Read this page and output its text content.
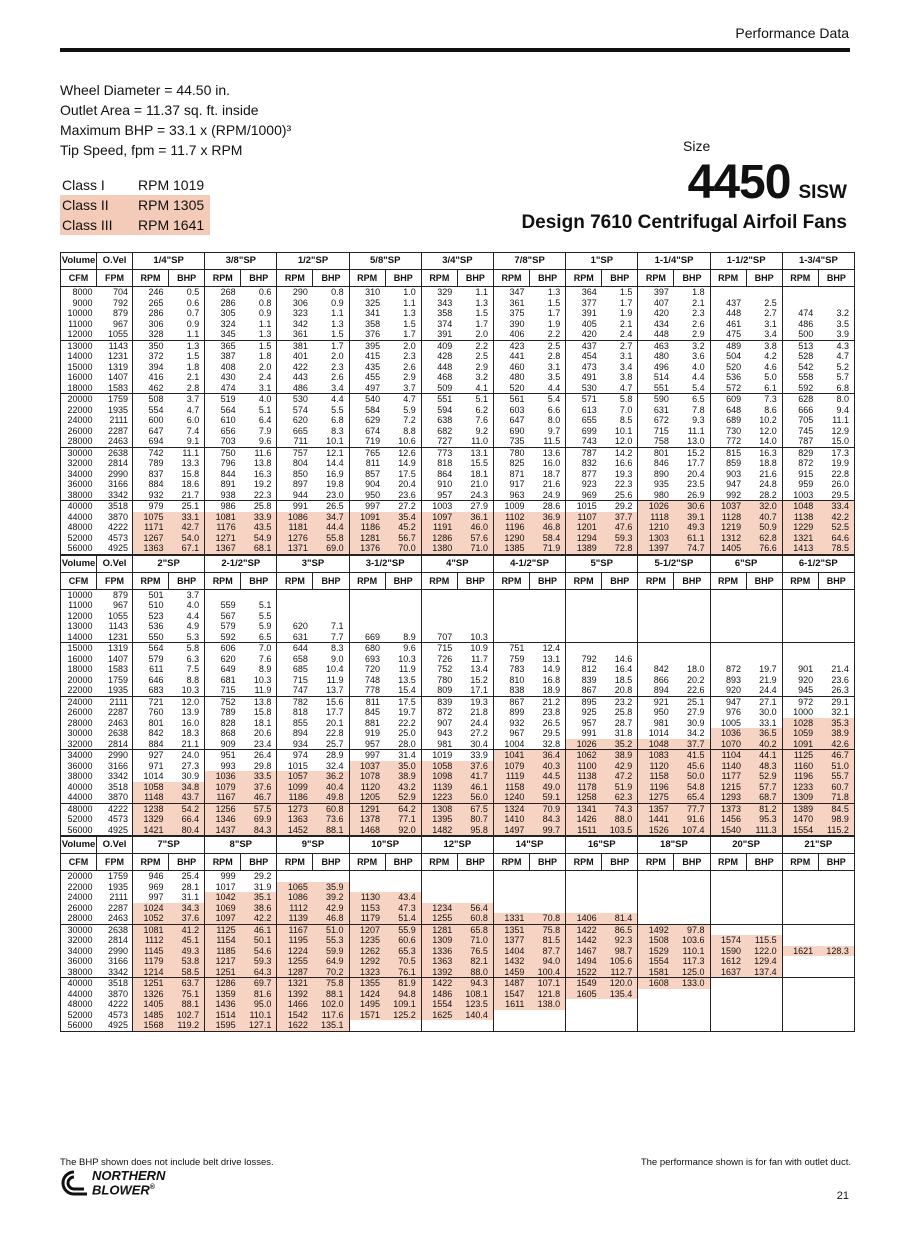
Performance Data
Wheel Diameter = 44.50 in.
Outlet Area = 11.37 sq. ft. inside
Maximum BHP = 33.1 x (RPM/1000)³
Tip Speed, fpm = 11.7 x RPM
Class I	RPM 1019
Class II	RPM 1305
Class III	RPM 1641
Size
4450 SISW
Design 7610 Centrifugal Airfoil Fans
Volume	O.Vel	1/4"SP		3/8"SP		1/2"SP		5/8"SP		3/4"SP		7/8"SP		1"SP		1-1/4"SP		1-1/2"SP		1-3/4"SP	
CFM	FPM	RPM	BHP	RPM	BHP	RPM	BHP	RPM	BHP	RPM	BHP	RPM	BHP	RPM	BHP	RPM	BHP	RPM	BHP	RPM	BHP
8000	704	246	0.5	268	0.6	290	0.8	310	1.0	329	1.1	347	1.3	364	1.5	397	1.8				
9000	792	265	0.6	286	0.8	306	0.9	325	1.1	343	1.3	361	1.5	377	1.7	407	2.1	437	2.5		
10000	879	286	0.7	305	0.9	323	1.1	341	1.3	358	1.5	375	1.7	391	1.9	420	2.3	448	2.7	474	3.2
11000	967	306	0.9	324	1.1	342	1.3	358	1.5	374	1.7	390	1.9	405	2.1	434	2.6	461	3.1	486	3.5
12000	1055	328	1.1	345	1.3	361	1.5	376	1.7	391	2.0	406	2.2	420	2.4	448	2.9	475	3.4	500	3.9
13000	1143	350	1.3	365	1.5	381	1.7	395	2.0	409	2.2	423	2.5	437	2.7	463	3.2	489	3.8	513	4.3
14000	1231	372	1.5	387	1.8	401	2.0	415	2.3	428	2.5	441	2.8	454	3.1	480	3.6	504	4.2	528	4.7
15000	1319	394	1.8	408	2.0	422	2.3	435	2.6	448	2.9	460	3.1	473	3.4	496	4.0	520	4.6	542	5.2
16000	1407	416	2.1	430	2.4	443	2.6	455	2.9	468	3.2	480	3.5	491	3.8	514	4.4	536	5.0	558	5.7
18000	1583	462	2.8	474	3.1	486	3.4	497	3.7	509	4.1	520	4.4	530	4.7	551	5.4	572	6.1	592	6.8
20000	1759	508	3.7	519	4.0	530	4.4	540	4.7	551	5.1	561	5.4	571	5.8	590	6.5	609	7.3	628	8.0
22000	1935	554	4.7	564	5.1	574	5.5	584	5.9	594	6.2	603	6.6	613	7.0	631	7.8	648	8.6	666	9.4
24000	2111	600	6.0	610	6.4	620	6.8	629	7.2	638	7.6	647	8.0	655	8.5	672	9.3	689	10.2	705	11.1
26000	2287	647	7.4	656	7.9	665	8.3	674	8.8	682	9.2	690	9.7	699	10.1	715	11.1	730	12.0	745	12.9
28000	2463	694	9.1	703	9.6	711	10.1	719	10.6	727	11.0	735	11.5	743	12.0	758	13.0	772	14.0	787	15.0
30000	2638	742	11.1	750	11.6	757	12.1	765	12.6	773	13.1	780	13.6	787	14.2	801	15.2	815	16.3	829	17.3
32000	2814	789	13.3	796	13.8	804	14.4	811	14.9	818	15.5	825	16.0	832	16.6	846	17.7	859	18.8	872	19.9
34000	2990	837	15.8	844	16.3	850	16.9	857	17.5	864	18.1	871	18.7	877	19.3	890	20.4	903	21.6	915	22.8
36000	3166	884	18.6	891	19.2	897	19.8	904	20.4	910	21.0	917	21.6	923	22.3	935	23.5	947	24.8	959	26.0
38000	3342	932	21.7	938	22.3	944	23.0	950	23.6	957	24.3	963	24.9	969	25.6	980	26.9	992	28.2	1003	29.5
40000	3518	979	25.1	986	25.8	991	26.5	997	27.2	1003	27.9	1009	28.6	1015	29.2	1026	30.6	1037	32.0	1048	33.4
44000	3870	1075	33.1	1081	33.9	1086	34.7	1091	35.4	1097	36.1	1102	36.9	1107	37.7	1118	39.1	1128	40.7	1138	42.2
48000	4222	1171	42.7	1176	43.5	1181	44.4	1186	45.2	1191	46.0	1196	46.8	1201	47.6	1210	49.3	1219	50.9	1229	52.5
52000	4573	1267	54.0	1271	54.9	1276	55.8	1281	56.7	1286	57.6	1290	58.4	1294	59.3	1303	61.1	1312	62.8	1321	64.6
56000	4925	1363	67.1	1367	68.1	1371	69.0	1376	70.0	1380	71.0	1385	71.9	1389	72.8	1397	74.7	1405	76.6	1413	78.5
Volume	O.Vel	2"SP		2-1/2"SP		3"SP		3-1/2"SP		4"SP		4-1/2"SP		5"SP		5-1/2"SP		6"SP		6-1/2"SP	
CFM	FPM	RPM	BHP	RPM	BHP	RPM	BHP	RPM	BHP	RPM	BHP	RPM	BHP	RPM	BHP	RPM	BHP	RPM	BHP	RPM	BHP
10000	879	501	3.7																		
11000	967	510	4.0	559	5.1																
12000	1055	523	4.4	567	5.5																
13000	1143	536	4.9	579	5.9	620	7.1														
14000	1231	550	5.3	592	6.5	631	7.7	669	8.9	707	10.3										
15000	1319	564	5.8	606	7.0	644	8.3	680	9.6	715	10.9	751	12.4								
16000	1407	579	6.3	620	7.6	658	9.0	693	10.3	726	11.7	759	13.1	792	14.6						
18000	1583	611	7.5	649	8.9	685	10.4	720	11.9	752	13.4	783	14.9	812	16.4	842	18.0	872	19.7	901	21.4
20000	1759	646	8.8	681	10.3	715	11.9	748	13.5	780	15.2	810	16.8	839	18.5	866	20.2	893	21.9	920	23.6
22000	1935	683	10.3	715	11.9	747	13.7	778	15.4	809	17.1	838	18.9	867	20.8	894	22.6	920	24.4	945	26.3
24000	2111	721	12.0	752	13.8	782	15.6	811	17.5	839	19.3	867	21.2	895	23.2	921	25.1	947	27.1	972	29.1
26000	2287	760	13.9	789	15.8	818	17.7	845	19.7	872	21.8	899	23.8	925	25.8	950	27.9	976	30.0	1000	32.1
28000	2463	801	16.0	828	18.1	855	20.1	881	22.2	907	24.4	932	26.5	957	28.7	981	30.9	1005	33.1	1028	35.3
30000	2638	842	18.3	868	20.6	894	22.8	919	25.0	943	27.2	967	29.5	991	31.8	1014	34.2	1036	36.5	1059	38.9
32000	2814	884	21.1	909	23.4	934	25.7	957	28.0	981	30.4	1004	32.8	1026	35.2	1048	37.7	1070	40.2	1091	42.6
34000	2990	927	24.0	951	26.4	974	28.9	997	31.4	1019	33.9	1041	36.4	1062	38.9	1083	41.5	1104	44.1	1125	46.7
36000	3166	971	27.3	993	29.8	1015	32.4	1037	35.0	1058	37.6	1079	40.3	1100	42.9	1120	45.6	1140	48.3	1160	51.0
38000	3342	1014	30.9	1036	33.5	1057	36.2	1078	38.9	1098	41.7	1119	44.5	1138	47.2	1158	50.0	1177	52.9	1196	55.7
40000	3518	1058	34.8	1079	37.6	1099	40.4	1120	43.2	1139	46.1	1158	49.0	1178	51.9	1196	54.8	1215	57.7	1233	60.7
44000	3870	1148	43.7	1167	46.7	1186	49.8	1205	52.9	1223	56.0	1240	59.1	1258	62.3	1275	65.4	1293	68.7	1309	71.8
48000	4222	1238	54.2	1256	57.5	1273	60.8	1291	64.2	1308	67.5	1324	70.9	1341	74.3	1357	77.7	1373	81.2	1389	84.5
52000	4573	1329	66.4	1346	69.9	1363	73.6	1378	77.1	1395	80.7	1410	84.3	1426	88.0	1441	91.6	1456	95.3	1470	98.9
56000	4925	1421	80.4	1437	84.3	1452	88.1	1468	92.0	1482	95.8	1497	99.7	1511	103.5	1526	107.4	1540	111.3	1554	115.2

Volume	O.Vel	7"SP		8"SP		9"SP		10"SP		12"SP		14"SP		16"SP		18"SP		20"SP		21"SP	
CFM	FPM	RPM	BHP	RPM	BHP	RPM	BHP	RPM	BHP	RPM	BHP	RPM	BHP	RPM	BHP	RPM	BHP	RPM	BHP	RPM	BHP
20000	1759	946	25.4	999	29.2																
22000	1935	969	28.1	1017	31.9	1065	35.9														
24000	2111	997	31.1	1042	35.1	1086	39.2	1130	43.4												
26000	2287	1024	34.3	1069	38.6	1112	42.9	1153	47.3	1234	56.4										
28000	2463	1052	37.6	1097	42.2	1139	46.8	1179	51.4	1255	60.8	1331	70.8	1406	81.4						
30000	2638	1081	41.2	1125	46.1	1167	51.0	1207	55.9	1281	65.8	1351	75.8	1422	86.5	1492	97.8				
32000	2814	1112	45.1	1154	50.1	1195	55.3	1235	60.6	1309	71.0	1377	81.5	1442	92.3	1508	103.6	1574	115.5		
34000	2990	1145	49.3	1185	54.6	1224	59.9	1262	65.3	1336	76.5	1404	87.7	1467	98.7	1529	110.1	1590	122.0	1621	128.3
36000	3166	1179	53.8	1217	59.3	1255	64.9	1292	70.5	1363	82.1	1432	94.0	1494	105.6	1554	117.3	1612	129.4		
38000	3342	1214	58.5	1251	64.3	1287	70.2	1323	76.1	1392	88.0	1459	100.4	1522	112.7	1581	125.0	1637	137.4		
40000	3518	1251	63.7	1286	69.7	1321	75.8	1355	81.9	1422	94.3	1487	107.1	1549	120.0	1608	133.0				
44000	3870	1326	75.1	1359	81.6	1392	88.1	1424	94.8	1486	108.1	1547	121.8	1605	135.4						
48000	4222	1405	88.1	1436	95.0	1466	102.0	1495	109.1	1554	123.5	1611	138.0								
52000	4573	1485	102.7	1514	110.1	1542	117.6	1571	125.2	1625	140.4										
56000	4925	1568	119.2	1595	127.1	1622	135.1														
The BHP shown does not include belt drive losses.	The performance shown is for fan with outlet duct.
NORTHERN
BLOWER®
21
